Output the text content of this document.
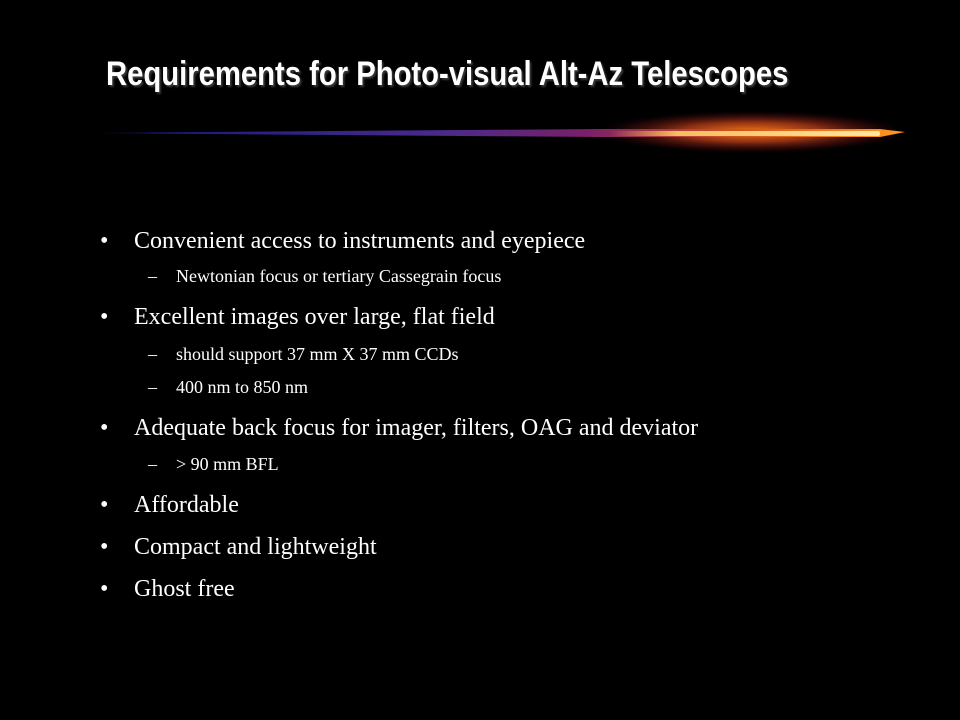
Requirements for Photo-visual Alt-Az Telescopes
• Convenient access to instruments and eyepiece
– Newtonian focus or tertiary Cassegrain focus
• Excellent images over large, flat field
– should support 37 mm X 37 mm CCDs
– 400 nm to 850 nm
• Adequate back focus for imager, filters, OAG and deviator
– > 90 mm BFL
• Affordable
• Compact and lightweight
• Ghost free
